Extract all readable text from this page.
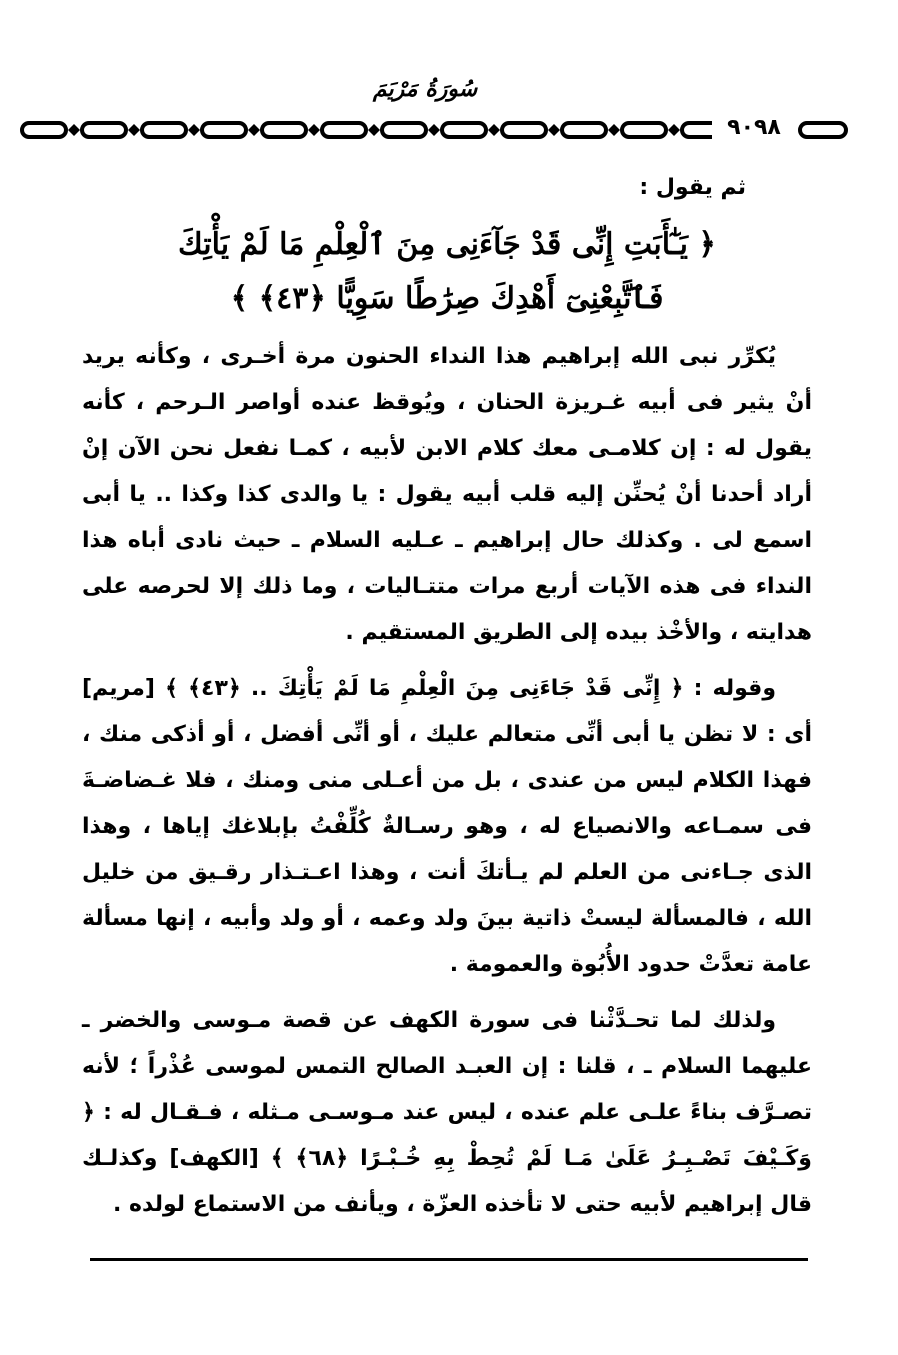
سُورَةُ مَرْيَمَ
٩٠٩٨

ثم يقول :

﴿ يَـٰٓأَبَتِ إِنِّى قَدْ جَآءَنِى مِنَ ٱلْعِلْمِ مَا لَمْ يَأْتِكَ
فَٱتَّبِعْنِىٓ أَهْدِكَ صِرَٰطًا سَوِيًّا ﴿٤٣﴾ ﴾

يُكرِّر نبى الله إبراهيم هذا النداء الحنون مرة أخـرى ، وكأنه يريد أنْ يثير فى أبيه غـريزة الحنان ، ويُوقظ عنده أواصر الـرحم ، كأنه يقول له : إن كلامـى معك كلام الابن لأبيه ، كمـا نفعل نحن الآن إنْ أراد أحدنا أنْ يُحنِّن إليه قلب أبيه يقول : يا والدى كذا وكذا .. يا أبى اسمع لى . وكذلك حال إبراهيم ـ عـليه السلام ـ حيث نادى أباه هذا النداء فى هذه الآيات أربع مرات متتـاليات ، وما ذلك إلا لحرصه على هدايته ، والأخْذ بيده إلى الطريق المستقيم .

وقوله : ﴿ إِنِّى قَدْ جَاءَنِى مِنَ الْعِلْمِ مَا لَمْ يَأْتِكَ .. ﴿٤٣﴾ ﴾ [مريم] أى : لا تظن يا أبى أنِّى متعالم عليك ، أو أنِّى أفضل ، أو أذكى منك ، فهذا الكلام ليس من عندى ، بل من أعـلى منى ومنك ، فلا غـضاضـةَ فى سمـاعه والانصياع له ، وهو رسـالةٌ كُلِّفْتُ بإبلاغك إياها ، وهذا الذى جـاءنى من العلم لم يـأتكَ أنت ، وهذا اعـتـذار رقـيق من خليل الله ، فالمسألة ليستْ ذاتية بينَ ولد وعمه ، أو ولد وأبيه ، إنها مسألة عامة تعدَّتْ حدود الأُبُوة والعمومة .

ولذلك لما تحـدَّثْنا فى سورة الكهف عن قصة مـوسى والخضر ـ عليهما السلام ـ ، قلنا : إن العبـد الصالح التمس لموسى عُذْراً ؛ لأنه تصـرَّف بناءً علـى علم عنده ، ليس عند مـوسـى مـثله ، فـقـال له : ﴿ وَكَـيْفَ تَصْـبِـرُ عَلَىٰ مَـا لَمْ تُحِطْ بِهِ خُـبْـرًا ﴿٦٨﴾ ﴾ [الكهف] وكذلـك قال إبراهيم لأبيه حتى لا تأخذه العزّة ، ويأنف من الاستماع لولده .
